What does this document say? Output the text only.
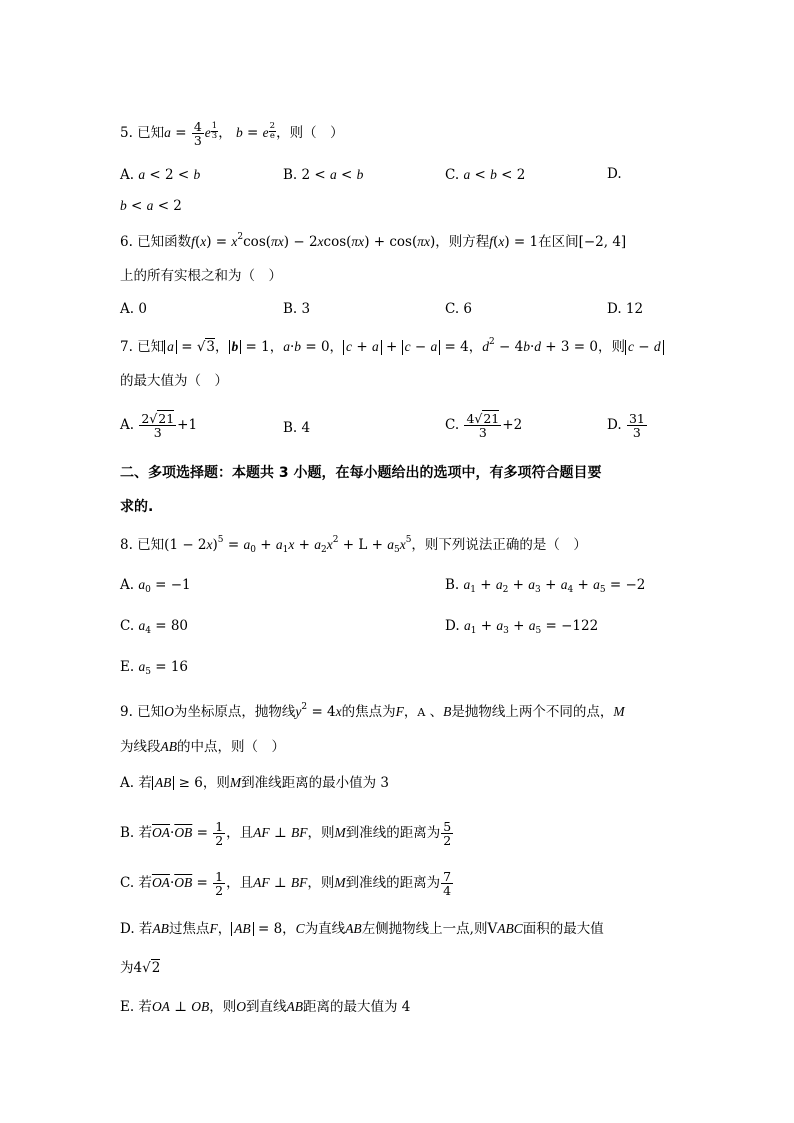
5. 已知$a = \frac{4}{3}$ e $\frac{1}{3}$ ， b = e $\frac{2}{e}$ ，则（　）
A. a < 2 < b	B. 2 < a < b	C. a < b < 2	D.
b < a < 2
6. 已知函数$f(x) = x^2\cos(\pi x) - 2xcos(\pi x) + \cos(\pi x)$，则方程f(x) = 1在区间[−2, 4]
上的所有实根之和为（　）
A. 0	B. 3	C. 6	D. 12
7. 已知 a = √3， b = 1，a·b = 0， c + a + c − a = 4，$d^2 - 4b\cdot d + 3 = 0$，则 c − d
的最大值为（　）
A. $\frac{2√21}{3} +1$	B. 4	C. $\frac{4√21}{3} +2$	D. $\frac{31}{3}$
二、多项选择题：本题共 3 小题，在每小题给出的选项中，有多项符合题目要
求的.
8. 已知$(1 - 2x)^5 = a_0 + a_1x + a_2x^2 + L + a_5x^5$，则下列说法正确的是（　）
A. $a_0 = -1$	B. $a_1 + a_2 + a_3 + a_4 + a_5 = -2$
C. $a_4 = 80$	D. $a_1 + a_3 + a_5 = -122$
E. $a_5 = 16$
9. 已知O为坐标原点，抛物线$y^2 = 4x$的焦点为F，A 、B是抛物线上两个不同的点，M
为线段AB的中点，则（　）
A. 若 AB ≥ 6，则M到准线距离的最小值为 3
B. 若$\overline{OA}\cdot\overline{OB} = \frac{1}{2}$ ，且AF ⊥ BF，则M到准线的距离为 $\frac{5}{2}$
C. 若$\overline{OA}\cdot\overline{OB} = \frac{1}{2}$ ，且AF ⊥ BF，则M到准线的距离为 $\frac{7}{4}$
D. 若AB过焦点F， AB = 8，C为直线AB左侧抛物线上一点,则VABC面积的最大值
为4√2
E. 若OA ⊥ OB，则O到直线AB距离的最大值为 4
